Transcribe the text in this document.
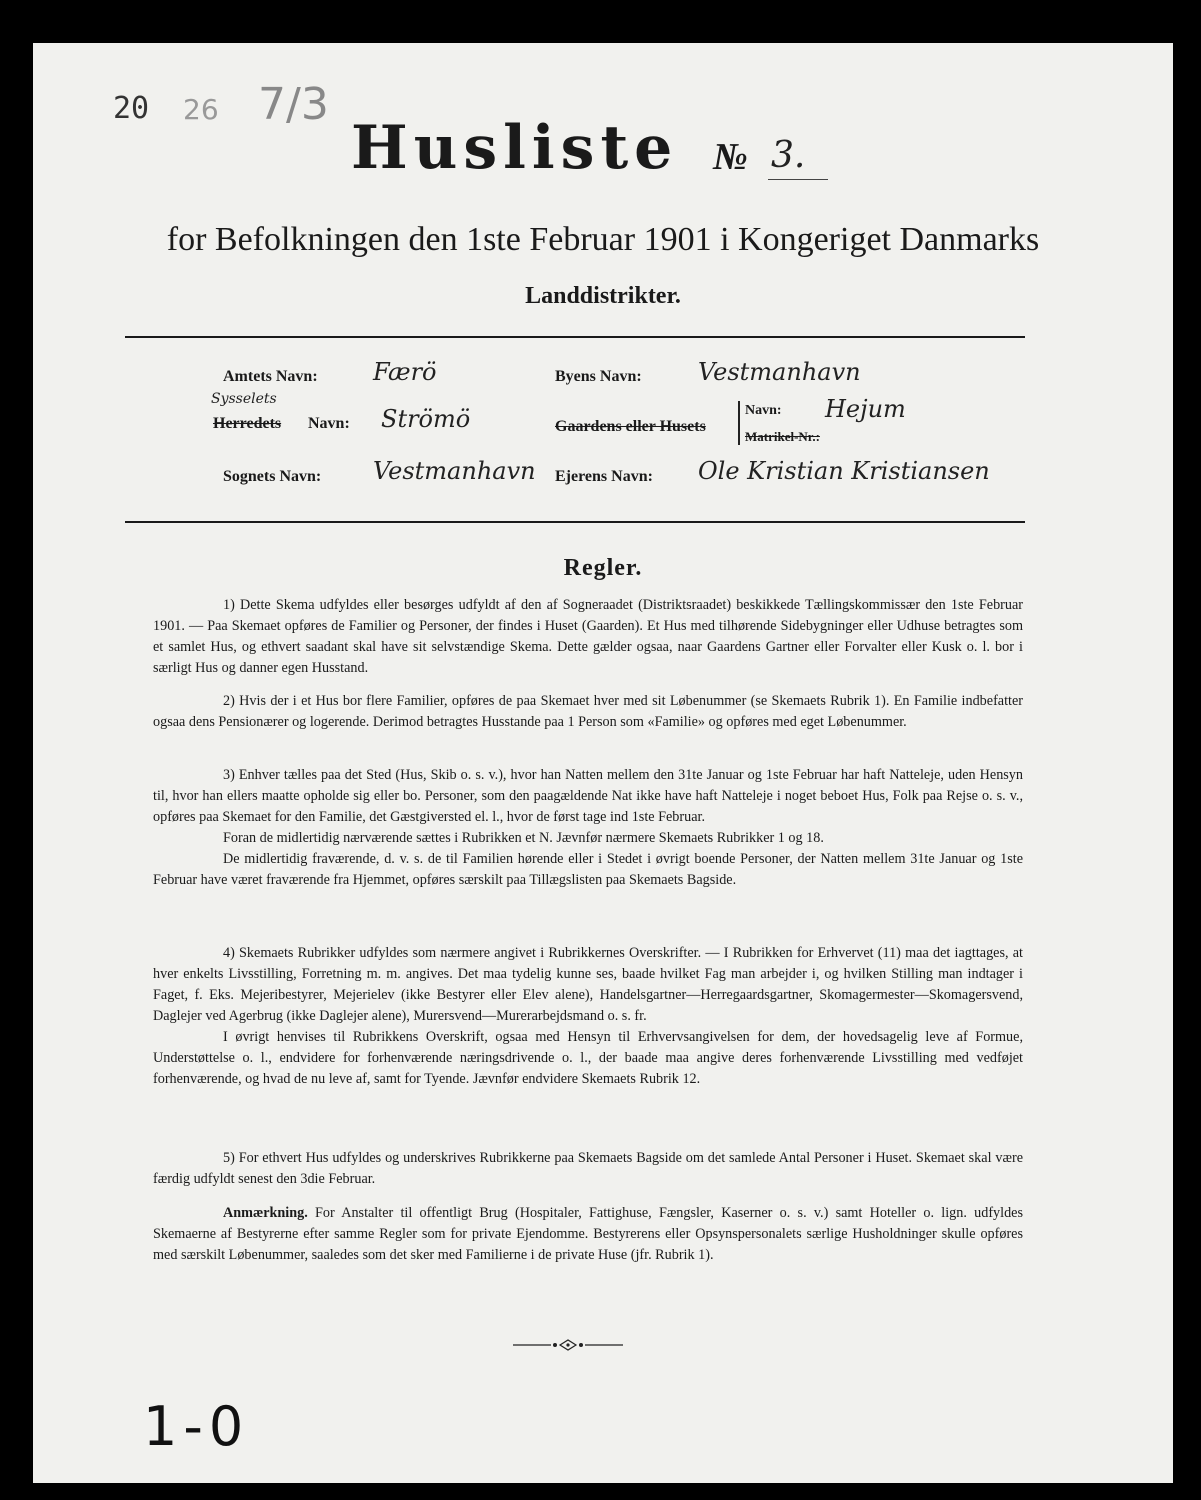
20 26 7/3
Husliste № 3.
for Befolkningen den 1ste Februar 1901 i Kongeriget Danmarks
Landdistrikter.
Amtets Navn: Færö
Sysselets
Herredets Navn: Strömö
Sognets Navn: Vestmanhavn
Byens Navn: Vestmanhavn
Gaardens eller Husets
Navn: Hejum
Matrikel-Nr.:
Ejerens Navn: Ole Kristian Kristiansen
Regler.

1) Dette Skema udfyldes eller besørges udfyldt af den af Sogneraadet (Distriktsraadet) beskikkede Tællingskommissær den 1ste Februar 1901. — Paa Skemaet opføres de Familier og Personer, der findes i Huset (Gaarden). Et Hus med tilhørende Sidebygninger eller Udhuse betragtes som et samlet Hus, og ethvert saadant skal have sit selvstændige Skema. Dette gælder ogsaa, naar Gaardens Gartner eller Forvalter eller Kusk o. l. bor i særligt Hus og danner egen Husstand.

2) Hvis der i et Hus bor flere Familier, opføres de paa Skemaet hver med sit Løbenummer (se Skemaets Rubrik 1). En Familie indbefatter ogsaa dens Pensionærer og logerende. Derimod betragtes Husstande paa 1 Person som «Familie» og opføres med eget Løbenummer.

3) Enhver tælles paa det Sted (Hus, Skib o. s. v.), hvor han Natten mellem den 31te Januar og 1ste Februar har haft Natteleje, uden Hensyn til, hvor han ellers maatte opholde sig eller bo. Personer, som den paagældende Nat ikke have haft Natteleje i noget beboet Hus, Folk paa Rejse o. s. v., opføres paa Skemaet for den Familie, det Gæstgiversted el. l., hvor de først tage ind 1ste Februar.

Foran de midlertidig nærværende sættes i Rubrikken et N. Jævnfør nærmere Skemaets Rubrikker 1 og 18.

De midlertidig fraværende, d. v. s. de til Familien hørende eller i Stedet i øvrigt boende Personer, der Natten mellem 31te Januar og 1ste Februar have været fraværende fra Hjemmet, opføres særskilt paa Tillægslisten paa Skemaets Bagside.

4) Skemaets Rubrikker udfyldes som nærmere angivet i Rubrikkernes Overskrifter. — I Rubrikken for Erhvervet (11) maa det iagttages, at hver enkelts Livsstilling, Forretning m. m. angives. Det maa tydelig kunne ses, baade hvilket Fag man arbejder i, og hvilken Stilling man indtager i Faget, f. Eks. Mejeribestyrer, Mejerielev (ikke Bestyrer eller Elev alene), Handelsgartner—Herregaardsgartner, Skomagermester—Skomagersvend, Daglejer ved Agerbrug (ikke Daglejer alene), Murersvend—Murerarbejdsmand o. s. fr.

I øvrigt henvises til Rubrikkens Overskrift, ogsaa med Hensyn til Erhvervsangivelsen for dem, der hovedsagelig leve af Formue, Understøttelse o. l., endvidere for forhenværende næringsdrivende o. l., der baade maa angive deres forhenværende Livsstilling med vedføjet forhenværende, og hvad de nu leve af, samt for Tyende. Jævnfør endvidere Skemaets Rubrik 12.

5) For ethvert Hus udfyldes og underskrives Rubrikkerne paa Skemaets Bagside om det samlede Antal Personer i Huset. Skemaet skal være færdig udfyldt senest den 3die Februar.

Anmærkning. For Anstalter til offentligt Brug (Hospitaler, Fattighuse, Fængsler, Kaserner o. s. v.) samt Hoteller o. lign. udfyldes Skemaerne af Bestyrerne efter samme Regler som for private Ejendomme. Bestyrerens eller Opsynspersonalets særlige Husholdninger skulle opføres med særskilt Løbenummer, saaledes som det sker med Familierne i de private Huse (jfr. Rubrik 1).

1-0
